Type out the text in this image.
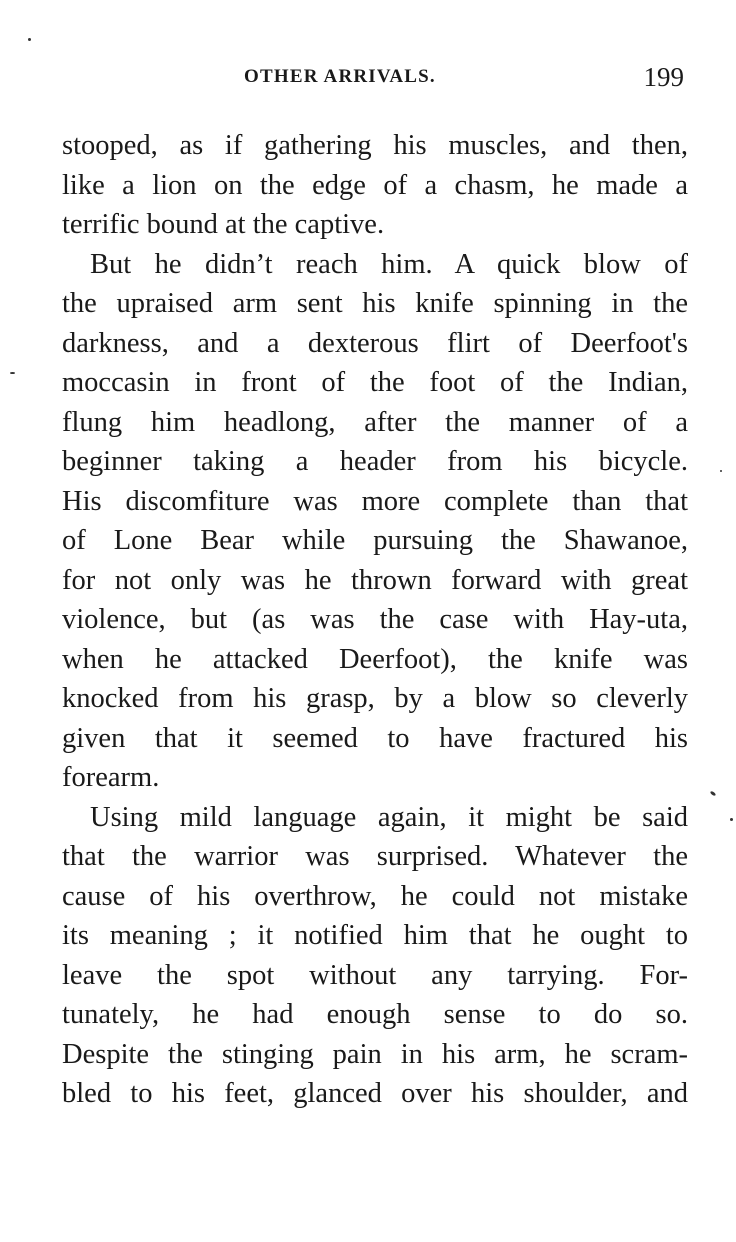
OTHER ARRIVALS.	199
stooped, as if gathering his muscles, and then,
like a lion on the edge of a chasm, he made a
terrific bound at the captive.
But he didn’t reach him. A quick blow of
the upraised arm sent his knife spinning in the
darkness, and a dexterous flirt of Deerfoot's
moccasin in front of the foot of the Indian,
flung him headlong, after the manner of a
beginner taking a header from his bicycle.
His discomfiture was more complete than that
of Lone Bear while pursuing the Shawanoe,
for not only was he thrown forward with great
violence, but (as was the case with Hay-uta,
when he attacked Deerfoot), the knife was
knocked from his grasp, by a blow so cleverly
given that it seemed to have fractured his
forearm.
Using mild language again, it might be said
that the warrior was surprised. Whatever the
cause of his overthrow, he could not mistake
its meaning ; it notified him that he ought to
leave the spot without any tarrying. For-
tunately, he had enough sense to do so.
Despite the stinging pain in his arm, he scram-
bled to his feet, glanced over his shoulder, and
